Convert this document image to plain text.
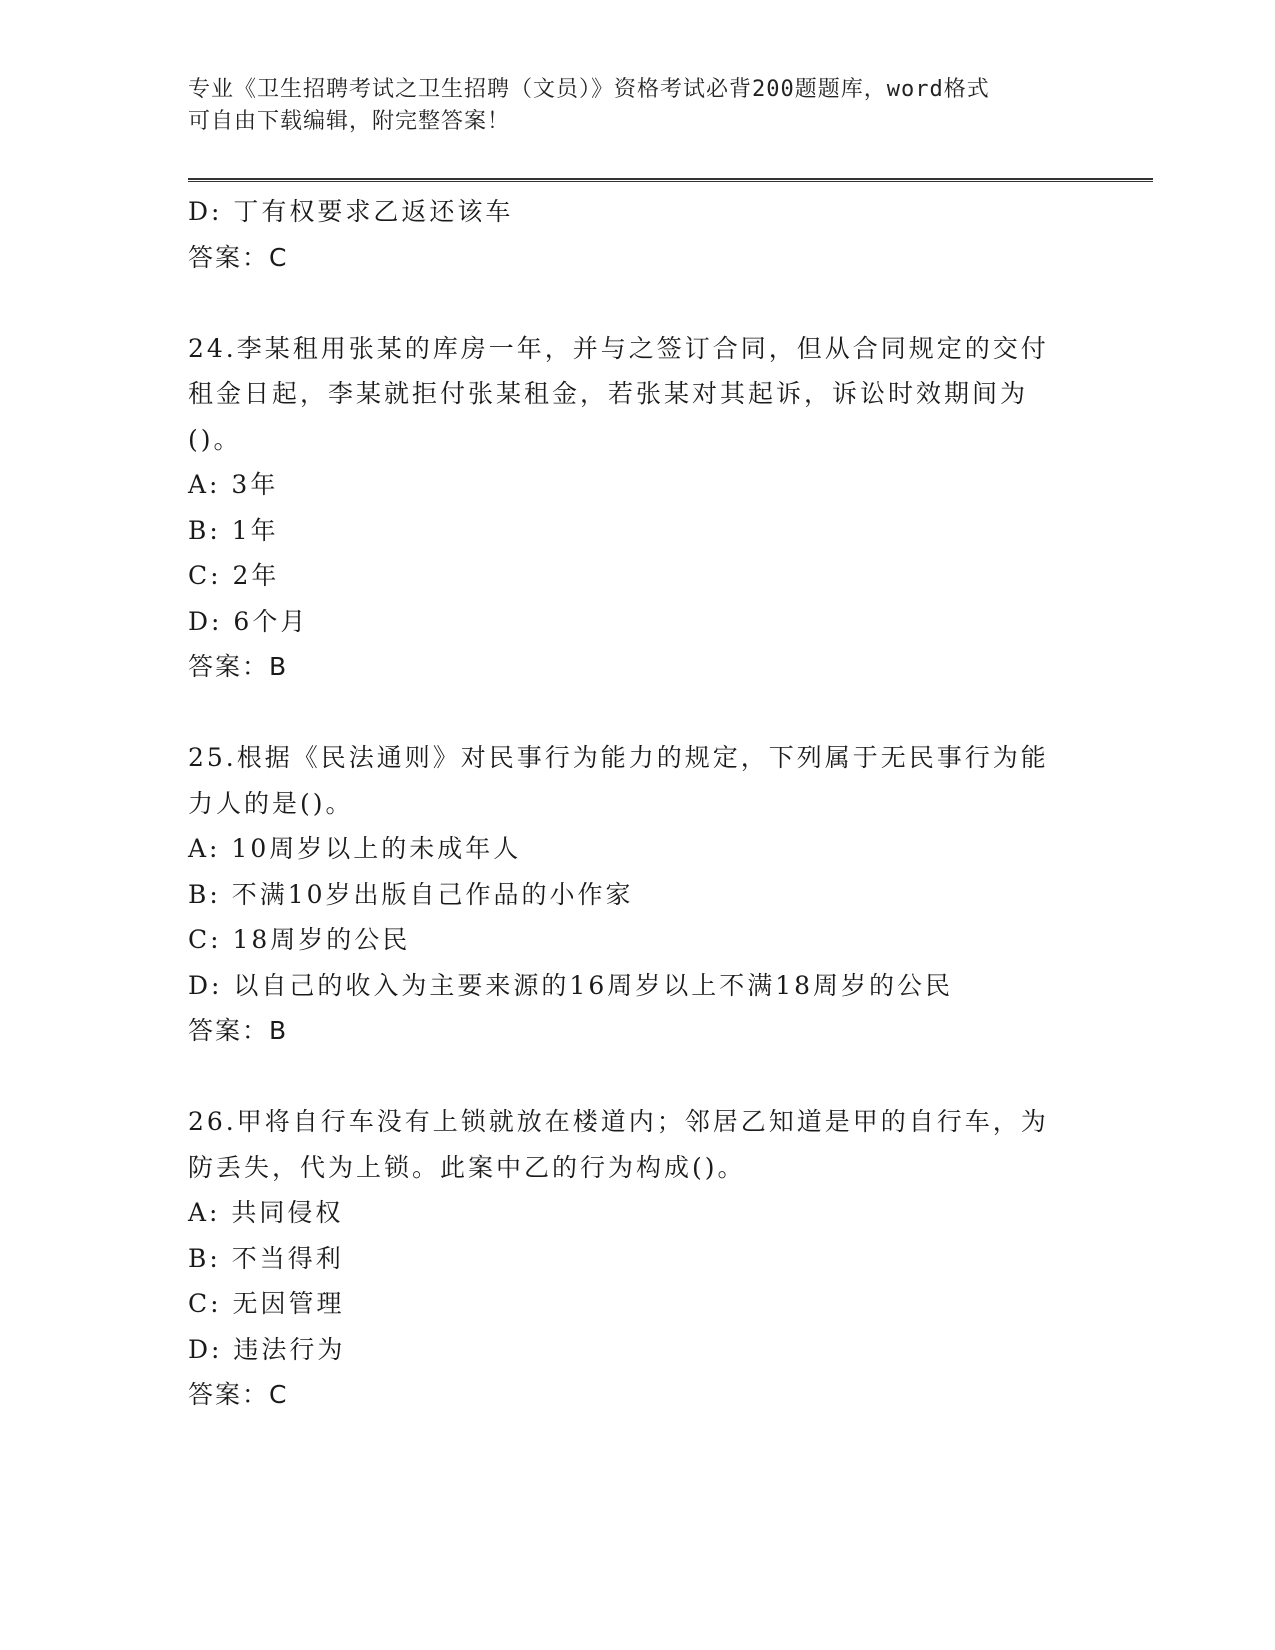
专业《卫生招聘考试之卫生招聘（文员）》资格考试必背200题题库，word格式
可自由下载编辑，附完整答案！
D: 丁有权要求乙返还该车
答案：C
24.李某租用张某的库房一年，并与之签订合同，但从合同规定的交付
租金日起，李某就拒付张某租金，若张某对其起诉，诉讼时效期间为
()。
A: 3年
B: 1年
C: 2年
D: 6个月
答案：B
25.根据《民法通则》对民事行为能力的规定，下列属于无民事行为能
力人的是()。
A: 10周岁以上的未成年人
B: 不满10岁出版自己作品的小作家
C: 18周岁的公民
D: 以自己的收入为主要来源的16周岁以上不满18周岁的公民
答案：B
26.甲将自行车没有上锁就放在楼道内；邻居乙知道是甲的自行车，为
防丢失，代为上锁。此案中乙的行为构成()。
A: 共同侵权
B: 不当得利
C: 无因管理
D: 违法行为
答案：C
